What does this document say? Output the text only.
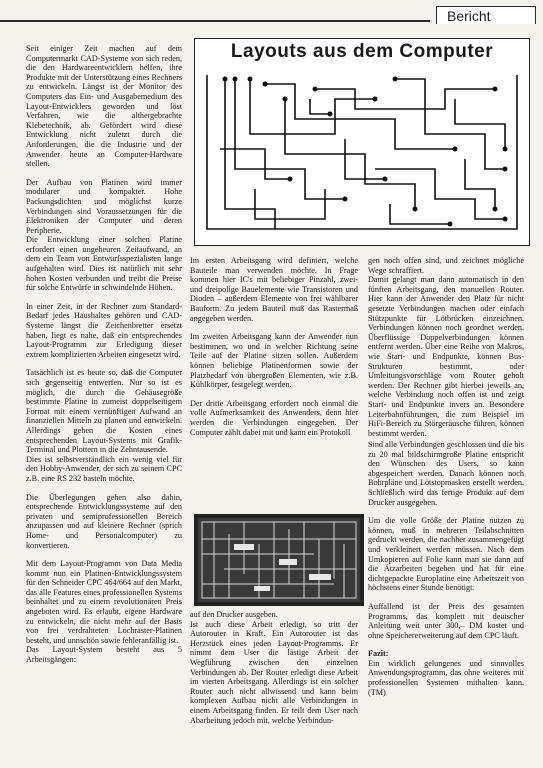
Bericht
Layouts aus dem Computer

Seit einiger Zeit machen auf dem Computermarkt CAD-Systeme von sich reden, die den Hardwareentwicklern helfen, ihre Produkte mit der Unterstützung eines Rechners zu entwickeln. Längst ist der Monitor des Computers das Ein- und Ausgabemedium des Layout-Entwicklers geworden und löst Verfahren, wie die althergebrachte Klebetechnik, ab. Gefördert wird diese Entwicklung nicht zuletzt durch die Anforderungen, die die Industrie und der Anwender heute an Computer-Hardware stellen.

Der Aufbau von Platinen wird immer modularer und kompakter. Hohe Packungsdichten und möglichst kurze Verbindungen sind Voraussetzungen für die Elektroniken der Computer und deren Peripherie.

Die Entwicklung einer solchen Platine erfordert einen ungeheuren Zeitaufwand, an dem ein Team von Entwurfsspezialisten lange aufgehalten wird. Dies ist natürlich mit sehr hohen Kosten verbunden und treibt die Preise für solche Entwürfe in schwindelnde Höhen.

In einer Zeit, in der Rechner zum Standard-Bedarf jedes Haushaltes gehören und CAD-Systeme längst die Zeichenbretter ersetzt haben, liegt es nahe, daß ein entsprechendes Layout-Programm zur Erledigung dieser extrem komplizierten Arbeiten eingesetzt wird.

Tatsächlich ist es heute so, daß die Computer sich gegenseitig entwerfen. Nur so ist es möglich, die durch die Gehäusegröße bestimmte Platine in zumeist doppelseitigem Format mit einem vernünftigen Aufwand an finanziellen Mitteln zu planen und entwickeln. Allerdings gehen die Kosten eines entsprechenden Layout-Systems mit Grafik-Terminal und Plottern in die Zehntausende.

Dies ist selbstverständlich ein wenig viel für den Hobby-Anwender, der sich zu seinem CPC z.B. eine RS 232 basteln möchte.

Die Überlegungen gehen also dahin, entsprechende Entwicklungssysteme auf den privaten und semiprofessionellen Bereich anzupassen und auf kleinere Rechner (sprich Home- und Personalcomputer) zu konvertieren.

Mit dem Layout-Programm von Data Media kommt nun ein Platinen-Entwicklungssystem für den Schneider CPC 464/664 auf den Markt, das alle Features eines professionellen Systems beinhaltet und zu einem revolutionären Preis angeboten wird. Es erlaubt, eigene Hardware zu entwickeln, die nicht mehr auf der Basis von frei verdrahteten Lochraster-Platinen besteht, und unnschön sowie fehleranfällig ist.

Das Layout-System besteht aus 5 Arbeitsgängen:

Im ersten Arbeitsgang wird definiert, welche Bauteile man verwenden möchte. In Frage kommen hier IC's mit beliebiger Pinzahl, zwei- und dreipolige Bauelemente wie Transistoren und Dioden – außerdem Elemente von frei wählbarer Bauform. Zu jedem Bauteil muß das Rastermaß angegeben werden.

Im zweiten Arbeitsgang kann der Anwender nun bestimmen, wo und in welcher Richtung seine Teile auf der Platine sitzen sollen. Außerdem können beliebige Platinenformen sowie der Platzbedarf von übergroßen Elementen, wie z.B. Kühlkörper, festgelegt werden.

Der dritte Arbeitsgang erfordert noch einmal die volle Aufmerksamkeit des Anwenders, denn hier werden die Verbindungen eingegeben. Der Computer zählt dabei mit und kann ein Protokoll

auf den Drucker ausgeben.

Ist auch diese Arbeit erledigt, so tritt der Autorouter in Kraft. Ein Autorouter ist das Herzstück eines jeden Layout-Programms. Er nimmt dem User die lästige Arbeit der Wegführung zwischen den einzelnen Verbindungen ab. Der Router erledigt diese Arbeit im vierten Arbeitsgang. Allerdings ist ein solcher Router auch nicht allwissend und kann beim komplexen Aufbau nicht alle Verbindungen in einem Arbeitsgang finden. Er teilt dem User nach Abarbeitung jedoch mit, welche Verbindun-

gen noch offen sind, und zeichnet mögliche Wege schraffiert.

Damit gelangt man dann automatisch in den fünften Arbeitsgang, den manuellen Router. Hier kann der Anwender den Platz für nicht gesetzte Verbindungen machen oder einfach Stützpunkte für Lötbrücken einzeichnen. Verbindungen können noch geordnet werden. Überflüssige Doppelverbindungen können entfernt werden. Über eine Reihe von Makros, wie Start- und Endpunkte, können Bus-Strukturen bestimmt, oder Umleitungsvorschläge vom Router geholt werden. Der Rechner gibt hierbei jeweils an, welche Verbindung noch offen ist und zeigt Start- und Endpunkte invers an. Besondere Leiterbahnführungen, die zum Beispiel im HiFi-Bereich zu Störgeräusche führen, können bestimmt werden.

Sind alle Verbindungen geschlossen und die bis zu 20 mal bildschirmgroße Platine entspricht den Wünschen des Users, so kann abgespeichert werden. Danach können noch Bohrpläne und Lötstopmasken erstellt werden. Schließlich wird das fertige Produkt auf dem Drucker ausgegeben.

Um die volle Größe der Platine nutzen zu können, muß in mehreren Teilabschnitten gedruckt werden, die nachher zusammengefügt und verkleinert werden müssen. Nach dem Umkopieren auf Folie kann man sie dann auf die Ätzarbeiten begeben und hat für eine dichtgepackte Europlatine eine Arbeitszeit von höchstens einer Stunde benötigt.

Auffallend ist der Preis des gesamten Programms, das komplett mit deutscher Anleitung weit unter 300,– DM kostet und ohne Speichererweiterung auf dem CPC läuft.

Fazit:

Ein wirklich gelungenes und sinnvolles Anwendungsprogramm, das ohne weiteres mit professionellen Systemen mithalten kann. (TM)
